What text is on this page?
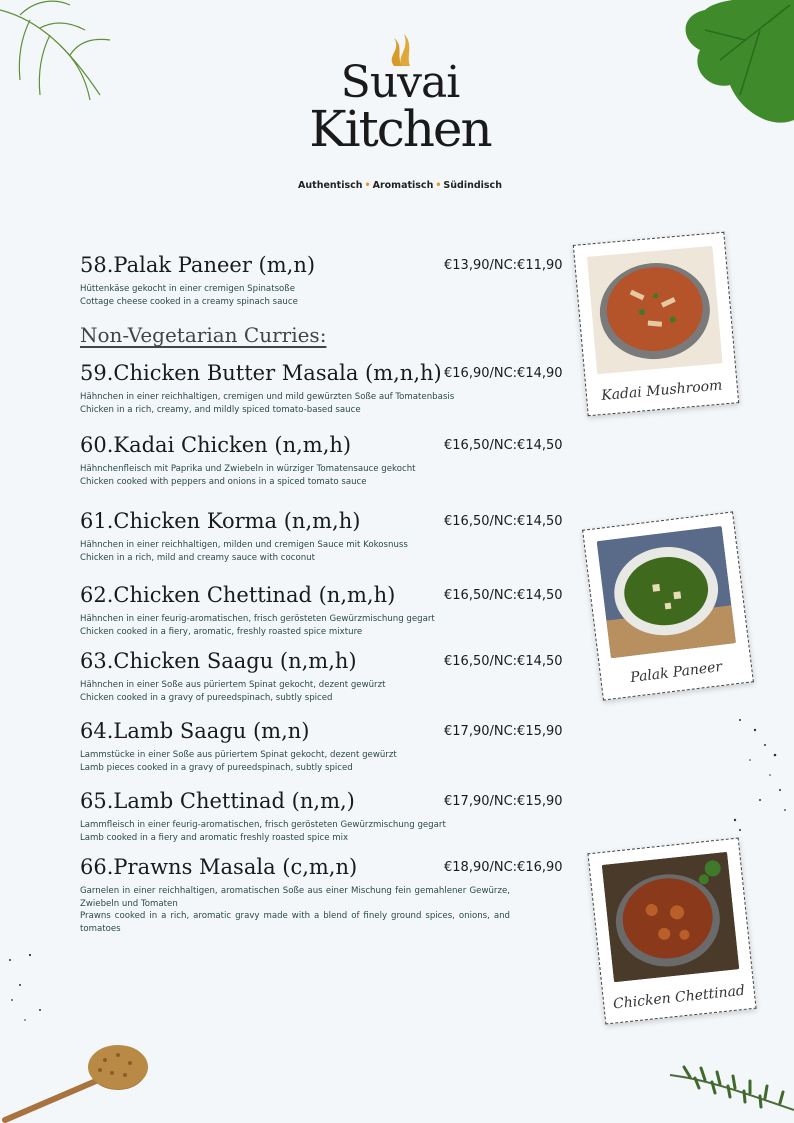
Suvai
Kitchen
Authentisch • Aromatisch • Südindisch
58.Palak Paneer (m,n)	€13,90/NC:€11,90
Hüttenkäse gekocht in einer cremigen Spinatsoße
Cottage cheese cooked in a creamy spinach sauce
Non-Vegetarian Curries:
59.Chicken Butter Masala (m,n,h) €16,90/NC:€14,90
Hähnchen in einer reichhaltigen, cremigen und mild gewürzten Soße auf Tomatenbasis
Chicken in a rich, creamy, and mildly spiced tomato-based sauce
60.Kadai Chicken (n,m,h)	€16,50/NC:€14,50
Hähnchenfleisch mit Paprika und Zwiebeln in würziger Tomatensauce gekocht
Chicken cooked with peppers and onions in a spiced tomato sauce
61.Chicken Korma (n,m,h)	€16,50/NC:€14,50
Hähnchen in einer reichhaltigen, milden und cremigen Sauce mit Kokosnuss
Chicken in a rich, mild and creamy sauce with coconut
62.Chicken Chettinad (n,m,h)	€16,50/NC:€14,50
Hähnchen in einer feurig-aromatischen, frisch gerösteten Gewürzmischung gegart
Chicken cooked in a fiery, aromatic, freshly roasted spice mixture
63.Chicken Saagu (n,m,h)	€16,50/NC:€14,50
Hähnchen in einer Soße aus püriertem Spinat gekocht, dezent gewürzt
Chicken cooked in a gravy of pureedspinach, subtly spiced
64.Lamb Saagu (m,n)	€17,90/NC:€15,90
Lammstücke in einer Soße aus püriertem Spinat gekocht, dezent gewürzt
Lamb pieces cooked in a gravy of pureedspinach, subtly spiced
65.Lamb Chettinad (n,m,)	€17,90/NC:€15,90
Lammfleisch in einer feurig-aromatischen, frisch gerösteten Gewürzmischung gegart
Lamb cooked in a fiery and aromatic freshly roasted spice mix
66.Prawns Masala (c,m,n)	€18,90/NC:€16,90
Garnelen in einer reichhaltigen, aromatischen Soße aus einer Mischung fein gemahlener Gewürze, Zwiebeln und Tomaten
Prawns cooked in a rich, aromatic gravy made with a blend of finely ground spices, onions, and tomatoes
Kadai Mushroom
Palak Paneer
Chicken Chettinad
